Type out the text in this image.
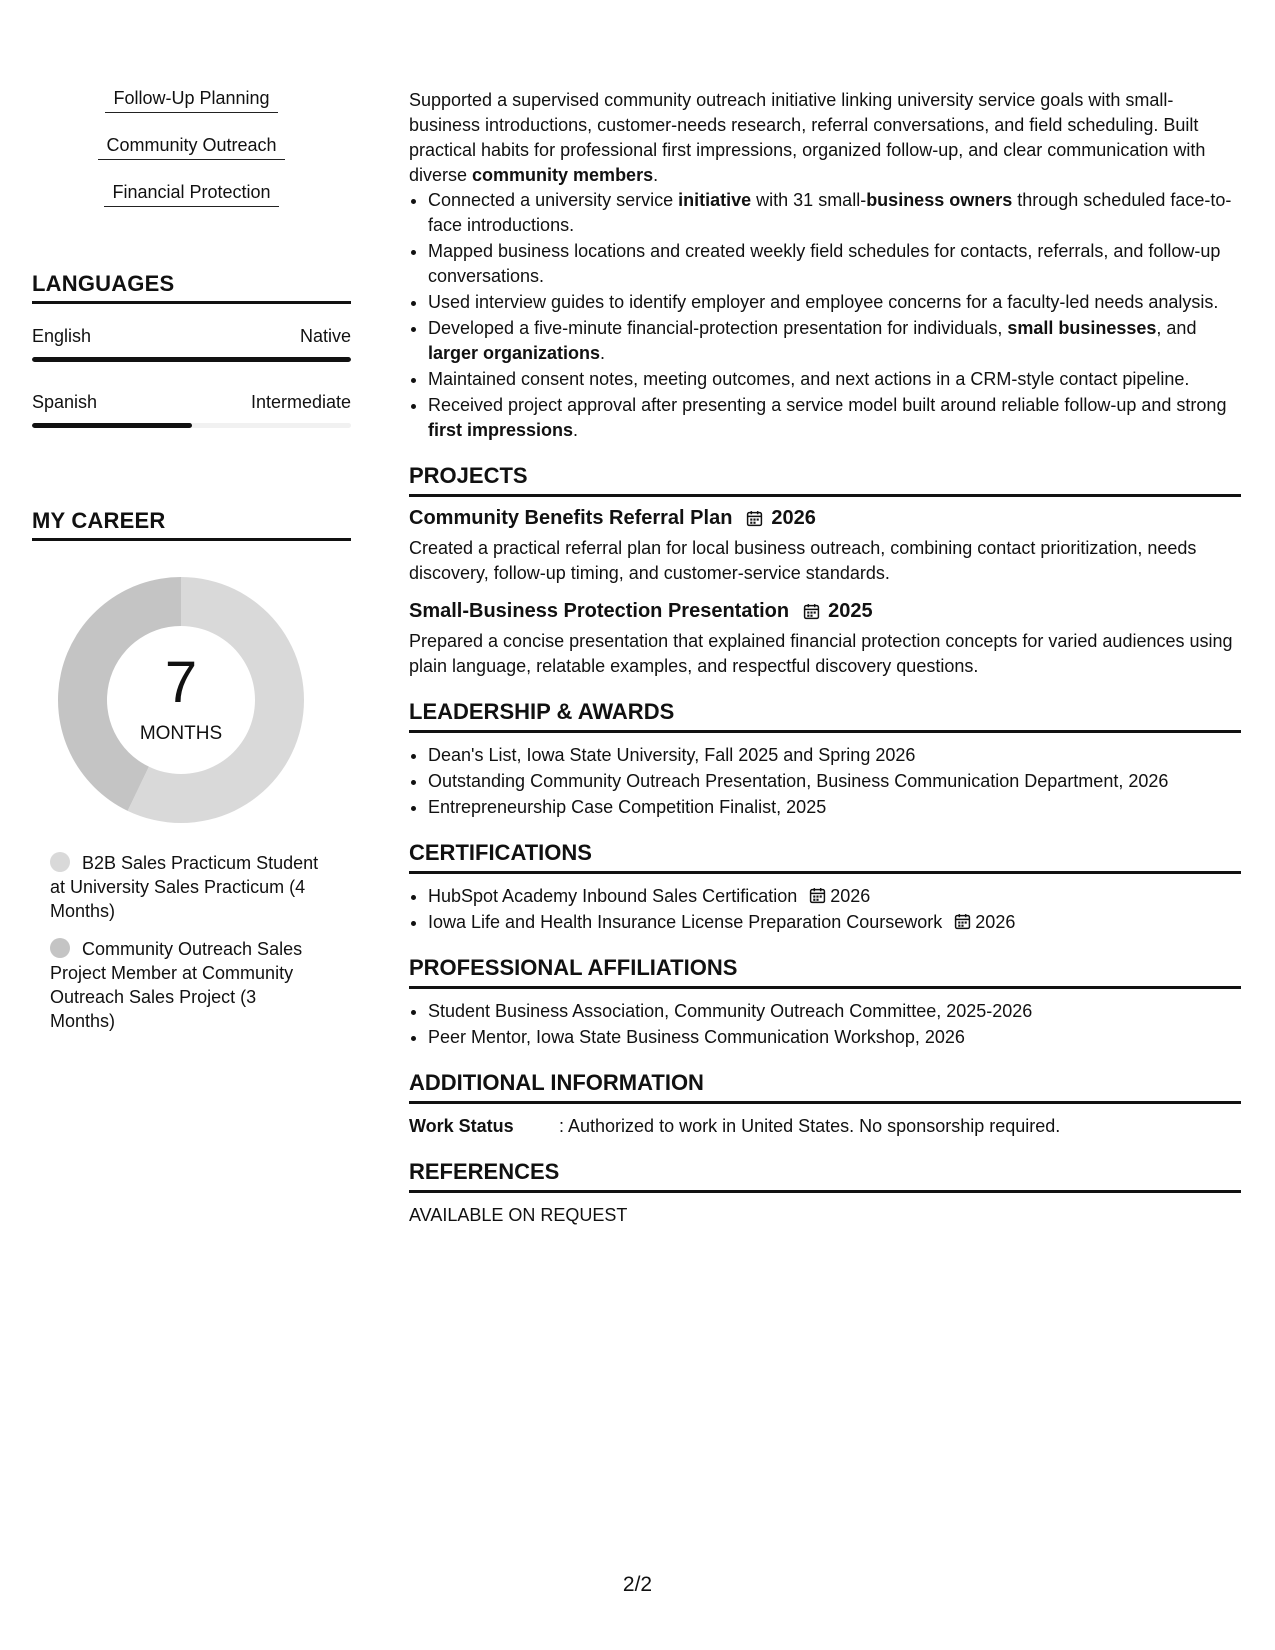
Follow-Up Planning
Community Outreach
Financial Protection
LANGUAGES
English	Native
Spanish	Intermediate
MY CAREER
7
MONTHS
B2B Sales Practicum Student at University Sales Practicum (4 Months)
Community Outreach Sales Project Member at Community Outreach Sales Project (3 Months)

Supported a supervised community outreach initiative linking university service goals with small-business introductions, customer-needs research, referral conversations, and field scheduling. Built practical habits for professional first impressions, organized follow-up, and clear communication with diverse community members.

• Connected a university service initiative with 31 small-business owners through scheduled face-to-face introductions.
• Mapped business locations and created weekly field schedules for contacts, referrals, and follow-up conversations.
• Used interview guides to identify employer and employee concerns for a faculty-led needs analysis.
• Developed a five-minute financial-protection presentation for individuals, small businesses, and larger organizations.
• Maintained consent notes, meeting outcomes, and next actions in a CRM-style contact pipeline.
• Received project approval after presenting a service model built around reliable follow-up and strong first impressions.
PROJECTS
Community Benefits Referral Plan 2026

Created a practical referral plan for local business outreach, combining contact prioritization, needs discovery, follow-up timing, and customer-service standards.

Small-Business Protection Presentation 2025

Prepared a concise presentation that explained financial protection concepts for varied audiences using plain language, relatable examples, and respectful discovery questions.

LEADERSHIP & AWARDS
• Dean's List, Iowa State University, Fall 2025 and Spring 2026
• Outstanding Community Outreach Presentation, Business Communication Department, 2026
• Entrepreneurship Case Competition Finalist, 2025
CERTIFICATIONS
• HubSpot Academy Inbound Sales Certification 2026
• Iowa Life and Health Insurance License Preparation Coursework 2026
PROFESSIONAL AFFILIATIONS
• Student Business Association, Community Outreach Committee, 2025-2026
• Peer Mentor, Iowa State Business Communication Workshop, 2026
ADDITIONAL INFORMATION
Work Status	: Authorized to work in United States. No sponsorship required.
REFERENCES
AVAILABLE ON REQUEST
2/2
